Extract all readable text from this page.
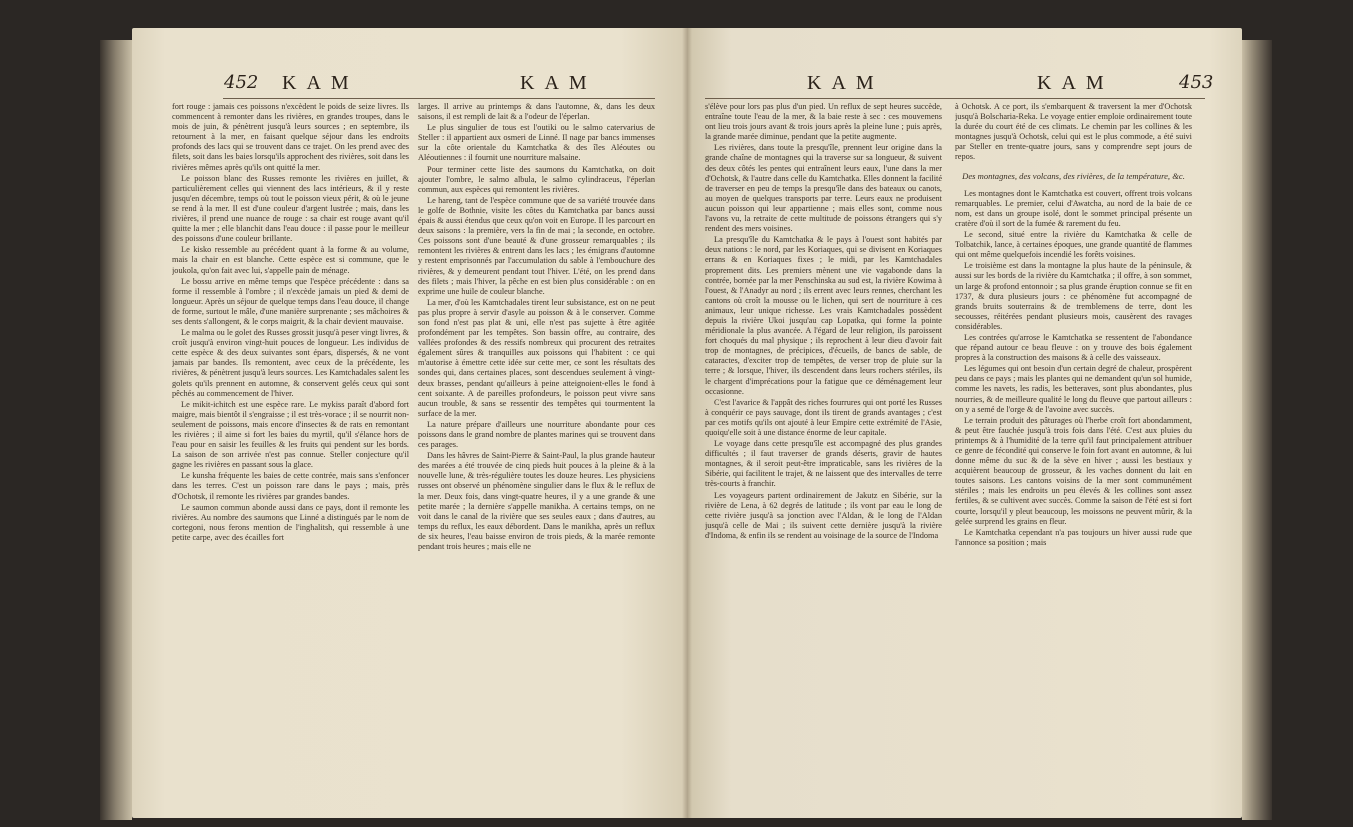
452 KAM	KAM

fort rouge : jamais ces poissons n'excèdent le poids de seize livres. Ils commencent à remonter dans les rivières, en grandes troupes, dans le mois de juin, & pénètrent jusqu'à leurs sources ; en septembre, ils retournent à la mer, en faisant quelque séjour dans les endroits profonds des lacs qui se trouvent dans ce trajet. On les prend avec des filets, soit dans les baies lorsqu'ils approchent des rivières, soit dans les rivières mêmes après qu'ils ont quitté la mer.

Le poisson blanc des Russes remonte les rivières en juillet, & particulièrement celles qui viennent des lacs intérieurs, & il y reste jusqu'en décembre, temps où tout le poisson vieux périt, & où le jeune se rend à la mer. Il est d'une couleur d'argent lustrée ; mais, dans les rivières, il prend une nuance de rouge : sa chair est rouge avant qu'il quitte la mer ; elle blanchit dans l'eau douce : il passe pour le meilleur des poissons d'une couleur brillante.

Le kisko ressemble au précédent quant à la forme & au volume, mais la chair en est blanche. Cette espèce est si commune, que le joukola, qu'on fait avec lui, s'appelle pain de ménage.

Le bossu arrive en même temps que l'espèce précédente : dans sa forme il ressemble à l'ombre ; il n'excède jamais un pied & demi de longueur. Après un séjour de quelque temps dans l'eau douce, il change de forme, surtout le mâle, d'une manière surprenante ; ses mâchoires & ses dents s'allongent, & le corps maigrit, & la chair devient mauvaise.

Le malma ou le golet des Russes grossit jusqu'à peser vingt livres, & croît jusqu'à environ vingt-huit pouces de longueur. Les individus de cette espèce & des deux suivantes sont épars, dispersés, & ne vont jamais par bandes. Ils remontent, avec ceux de la précédente, les rivières, & pénètrent jusqu'à leurs sources. Les Kamtchadales salent les golets qu'ils prennent en automne, & conservent gelés ceux qui sont pêchés au commencement de l'hiver.

Le mikit-ichitch est une espèce rare. Le mykiss paraît d'abord fort maigre, mais bientôt il s'engraisse ; il est très-vorace ; il se nourrit non-seulement de poissons, mais encore d'insectes & de rats en remontant les rivières ; il aime si fort les baies du myrtil, qu'il s'élance hors de l'eau pour en saisir les feuilles & les fruits qui pendent sur les bords. La saison de son arrivée n'est pas connue. Steller conjecture qu'il gagne les rivières en passant sous la glace.

Le kunsha fréquente les baies de cette contrée, mais sans s'enfoncer dans les terres. C'est un poisson rare dans le pays ; mais, près d'Ochotsk, il remonte les rivières par grandes bandes.

Le saumon commun abonde aussi dans ce pays, dont il remonte les rivières. Au nombre des saumons que Linné a distingués par le nom de cortegoni, nous ferons mention de l'inghalitsh, qui ressemble à une petite carpe, avec des écailles fort

larges. Il arrive au printemps & dans l'automne, &, dans les deux saisons, il est rempli de lait & a l'odeur de l'éperlan.

Le plus singulier de tous est l'outiki ou le salmo catervarius de Steller : il appartient aux osmeri de Linné. Il nage par bancs immenses sur la côte orientale du Kamtchatka & des îles Aléoutes ou Aléoutiennes : il fournit une nourriture malsaine.

Pour terminer cette liste des saumons du Kamtchatka, on doit ajouter l'ombre, le salmo albula, le salmo cylindraceus, l'éperlan commun, aux espèces qui remontent les rivières.

Le hareng, tant de l'espèce commune que de sa variété trouvée dans le golfe de Bothnie, visite les côtes du Kamtchatka par bancs aussi épais & aussi étendus que ceux qu'on voit en Europe. Il les parcourt en deux saisons : la première, vers la fin de mai ; la seconde, en octobre. Ces poissons sont d'une beauté & d'une grosseur remarquables ; ils remontent les rivières & entrent dans les lacs ; les émigrans d'automne y restent emprisonnés par l'accumulation du sable à l'embouchure des rivières, & y demeurent pendant tout l'hiver. L'été, on les prend dans des filets ; mais l'hiver, la pêche en est bien plus considérable : on en exprime une huile de couleur blanche.

La mer, d'où les Kamtchadales tirent leur subsistance, est on ne peut pas plus propre à servir d'asyle au poisson & à le conserver. Comme son fond n'est pas plat & uni, elle n'est pas sujette à être agitée profondément par les tempêtes. Son bassin offre, au contraire, des vallées profondes & des ressifs nombreux qui procurent des retraites également sûres & tranquilles aux poissons qui l'habitent : ce qui m'autorise à émettre cette idée sur cette mer, ce sont les résultats des sondes qui, dans certaines places, sont descendues seulement à vingt-deux brasses, pendant qu'ailleurs à peine atteignoient-elles le fond à cent soixante. A de pareilles profondeurs, le poisson peut vivre sans aucun trouble, & sans se ressentir des tempêtes qui tourmentent la surface de la mer.

La nature prépare d'ailleurs une nourriture abondante pour ces poissons dans le grand nombre de plantes marines qui se trouvent dans ces parages.

Dans les hâvres de Saint-Pierre & Saint-Paul, la plus grande hauteur des marées a été trouvée de cinq pieds huit pouces à la pleine & à la nouvelle lune, & très-régulière toutes les douze heures. Les physiciens russes ont observé un phénomène singulier dans le flux & le reflux de la mer. Deux fois, dans vingt-quatre heures, il y a une grande & une petite marée ; la dernière s'appelle manikha. A certains temps, on ne voit dans le canal de la rivière que ses seules eaux ; dans d'autres, au temps du reflux, les eaux débordent. Dans le manikha, après un reflux de six heures, l'eau baisse environ de trois pieds, & la marée remonte pendant trois heures ; mais elle ne

KAM	KAM	453

s'élève pour lors pas plus d'un pied. Un reflux de sept heures succède, entraîne toute l'eau de la mer, & la baie reste à sec : ces mouvemens ont lieu trois jours avant & trois jours après la pleine lune ; puis après, la grande marée diminue, pendant que la petite augmente.

Les rivières, dans toute la presqu'île, prennent leur origine dans la grande chaîne de montagnes qui la traverse sur sa longueur, & suivent des deux côtés les pentes qui entraînent leurs eaux, l'une dans la mer d'Ochotsk, & l'autre dans celle du Kamtchatka. Elles donnent la facilité de traverser en peu de temps la presqu'île dans des bateaux ou canots, au moyen de quelques transports par terre. Leurs eaux ne produisent aucun poisson qui leur appartienne ; mais elles sont, comme nous l'avons vu, la retraite de cette multitude de poissons étrangers qui s'y rendent des mers voisines.

La presqu'île du Kamtchatka & le pays à l'ouest sont habités par deux nations : le nord, par les Koriaques, qui se divisent en Koriaques errans & en Koriaques fixes ; le midi, par les Kamtchadales proprement dits. Les premiers mènent une vie vagabonde dans la contrée, bornée par la mer Penschinska au sud est, la rivière Kowima à l'ouest, & l'Anadyr au nord ; ils errent avec leurs rennes, cherchant les cantons où croît la mousse ou le lichen, qui sert de nourriture à ces animaux, leur unique richesse. Les vrais Kamtchadales possèdent depuis la rivière Ukoi jusqu'au cap Lopatka, qui forme la pointe méridionale la plus avancée. A l'égard de leur religion, ils paroissent fort choqués du mal physique ; ils reprochent à leur dieu d'avoir fait trop de montagnes, de précipices, d'écueils, de bancs de sable, de cataractes, d'exciter trop de tempêtes, de verser trop de pluie sur la terre ; & lorsque, l'hiver, ils descendent dans leurs rochers stériles, ils le chargent d'imprécations pour la fatigue que ce déménagement leur occasionne.

C'est l'avarice & l'appât des riches fourrures qui ont porté les Russes à conquérir ce pays sauvage, dont ils tirent de grands avantages ; c'est par ces motifs qu'ils ont ajouté à leur Empire cette extrémité de l'Asie, quoiqu'elle soit à une distance énorme de leur capitale.

Le voyage dans cette presqu'île est accompagné des plus grandes difficultés ; il faut traverser de grands déserts, gravir de hautes montagnes, & il seroit peut-être impraticable, sans les rivières de la Sibérie, qui facilitent le trajet, & ne laissent que des intervalles de terre très-courts à franchir.

Les voyageurs partent ordinairement de Jakutz en Sibérie, sur la rivière de Lena, à 62 degrés de latitude ; ils vont par eau le long de cette rivière jusqu'à sa jonction avec l'Aldan, & le long de l'Aldan jusqu'à celle de Mai ; ils suivent cette dernière jusqu'à la rivière d'Indoma, & enfin ils se rendent au voisinage de la source de l'Indoma

à Ochotsk. A ce port, ils s'embarquent & traversent la mer d'Ochotsk jusqu'à Bolscharia-Reka. Le voyage entier emploie ordinairement toute la durée du court été de ces climats. Le chemin par les collines & les montagnes jusqu'à Ochotsk, celui qui est le plus commode, a été suivi par Steller en trente-quatre jours, sans y comprendre sept jours de repos.

Des montagnes, des volcans, des rivières, de la température, &c.

Les montagnes dont le Kamtchatka est couvert, offrent trois volcans remarquables. Le premier, celui d'Awatcha, au nord de la baie de ce nom, est dans un groupe isolé, dont le sommet principal présente un cratère d'où il sort de la fumée & rarement du feu.

Le second, situé entre la rivière du Kamtchatka & celle de Tolbatchik, lance, à certaines époques, une grande quantité de flammes qui ont même quelquefois incendié les forêts voisines.

Le troisième est dans la montagne la plus haute de la péninsule, & aussi sur les bords de la rivière du Kamtchatka ; il offre, à son sommet, un large & profond entonnoir ; sa plus grande éruption connue se fit en 1737, & dura plusieurs jours : ce phénomène fut accompagné de grands bruits souterrains & de tremblemens de terre, dont les secousses, réitérées pendant plusieurs mois, causèrent des ravages considérables.

Les contrées qu'arrose le Kamtchatka se ressentent de l'abondance que répand autour ce beau fleuve : on y trouve des bois également propres à la construction des maisons & à celle des vaisseaux.

Les légumes qui ont besoin d'un certain degré de chaleur, prospèrent peu dans ce pays ; mais les plantes qui ne demandent qu'un sol humide, comme les navets, les radis, les betteraves, sont plus abondantes, plus nourries, & de meilleure qualité le long du fleuve que partout ailleurs : on y a semé de l'orge & de l'avoine avec succès.

Le terrain produit des pâturages où l'herbe croît fort abondamment, & peut être fauchée jusqu'à trois fois dans l'été. C'est aux pluies du printemps & à l'humidité de la terre qu'il faut principalement attribuer ce genre de fécondité qui conserve le foin fort avant en automne, & lui donne même du suc & de la sève en hiver ; aussi les bestiaux y acquièrent beaucoup de grosseur, & les vaches donnent du lait en toutes saisons. Les cantons voisins de la mer sont communément stériles ; mais les endroits un peu élevés & les collines sont assez fertiles, & se cultivent avec succès. Comme la saison de l'été est si fort courte, lorsqu'il y pleut beaucoup, les moissons ne peuvent mûrir, & la gelée surprend les grains en fleur.

Le Kamtchatka cependant n'a pas toujours un hiver aussi rude que l'annonce sa position ; mais
